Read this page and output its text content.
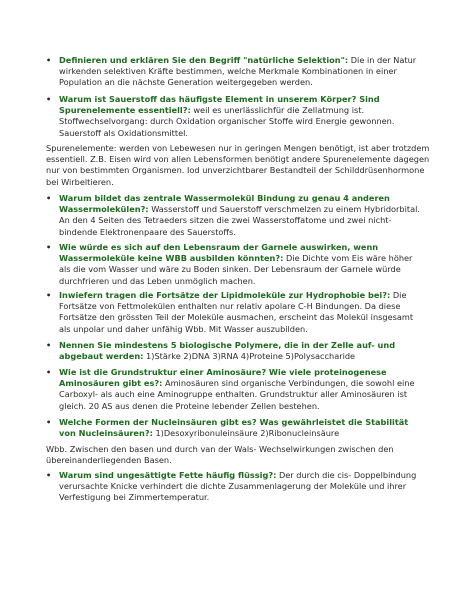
• Definieren und erklären Sie den Begriff "natürliche Selektion": Die in der Natur wirkenden selektiven Kräfte bestimmen, welche Merkmale Kombinationen in einer Population an die nächste Generation weitergegeben werden.
• Warum ist Sauerstoff das häufigste Element in unserem Körper? Sind Spurenelemente essentiell?: weil es unerlässlichfür die Zellatmung ist. Stoffwechselvorgang: durch Oxidation organischer Stoffe wird Energie gewonnen. Sauerstoff als Oxidationsmittel.
Spurenelemente: werden von Lebewesen nur in geringen Mengen benötigt, ist aber trotzdem essentiell. Z.B. Eisen wird von allen Lebensformen benötigt andere Spurenelemente dagegen nur von bestimmten Organismen. Iod unverzichtbarer Bestandteil der Schilddrüsenhormone bei Wirbeltieren.
• Warum bildet das zentrale Wassermolekül Bindung zu genau 4 anderen Wassermolekülen?: Wasserstoff und Sauerstoff verschmelzen zu einem Hybridorbital. An den 4 Seiten des Tetraeders sitzen die zwei Wasserstoffatome und zwei nicht-bindende Elektronenpaare des Sauerstoffs.
• Wie würde es sich auf den Lebensraum der Garnele auswirken, wenn Wassermoleküle keine WBB ausbilden könnten?: Die Dichte vom Eis wäre höher als die vom Wasser und wäre zu Boden sinken. Der Lebensraum der Garnele würde durchfrieren und das Leben unmöglich machen.
• Inwiefern tragen die Fortsätze der Lipidmoleküle zur Hydrophobie bei?: Die Fortsätze von Fettmolekülen enthalten nur relativ apolare C-H Bindungen. Da diese Fortsätze den grössten Teil der Moleküle ausmachen, erscheint das Molekül insgesamt als unpolar und daher unfähig Wbb. Mit Wasser auszubilden.
• Nennen Sie mindestens 5 biologische Polymere, die in der Zelle auf- und abgebaut werden: 1)Stärke 2)DNA 3)RNA 4)Proteine 5)Polysaccharide
• Wie ist die Grundstruktur einer Aminosäure? Wie viele proteinogenese Aminosäuren gibt es?: Aminosäuren sind organische Verbindungen, die sowohl eine Carboxyl- als auch eine Aminogruppe enthalten. Grundstruktur aller Aminosäuren ist gleich. 20 AS aus denen die Proteine lebender Zellen bestehen.
• Welche Formen der Nucleinsäuren gibt es? Was gewährleistet die Stabilität von Nucleinsäuren?: 1)Desoxyribonuleinsäure 2)Ribonucleinsäure
Wbb. Zwischen den basen und durch van der Wals- Wechselwirkungen zwischen den übereinanderliegenden Basen.
• Warum sind ungesättigte Fette häufig flüssig?: Der durch die cis- Doppelbindung verursachte Knicke verhindert die dichte Zusammenlagerung der Moleküle und ihrer Verfestigung bei Zimmertemperatur.
